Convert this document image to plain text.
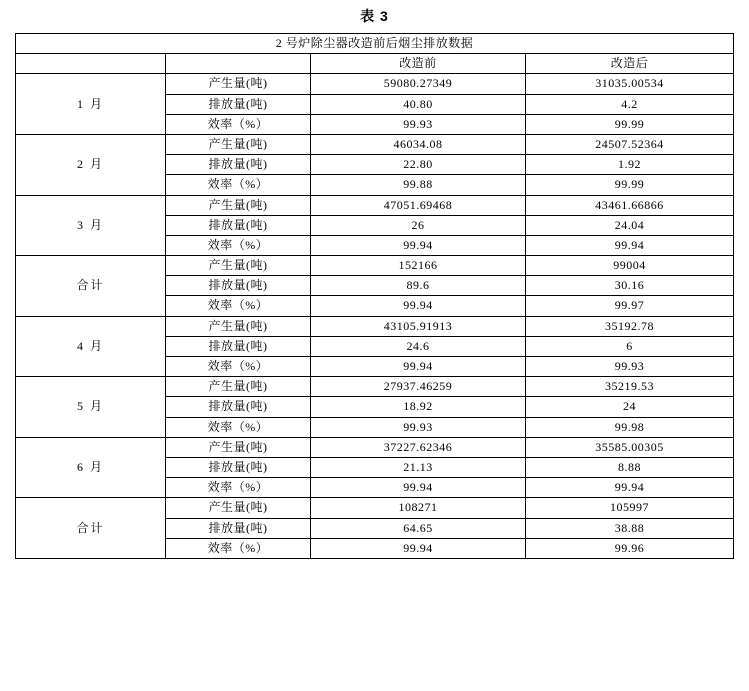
表 3
2 号炉除尘器改造前后烟尘排放数据			
		改造前	改造后
1 月	产生量(吨)	59080.27349	31035.00534
	排放量(吨)	40.80	4.2
	效率（%）	99.93	99.99
2 月	产生量(吨)	46034.08	24507.52364
	排放量(吨)	22.80	1.92
	效率（%）	99.88	99.99
3 月	产生量(吨)	47051.69468	43461.66866
	排放量(吨)	26	24.04
	效率（%）	99.94	99.94
合计	产生量(吨)	152166	99004
	排放量(吨)	89.6	30.16
	效率（%）	99.94	99.97
4 月	产生量(吨)	43105.91913	35192.78
	排放量(吨)	24.6	6
	效率（%）	99.94	99.93
5 月	产生量(吨)	27937.46259	35219.53
	排放量(吨)	18.92	24
	效率（%）	99.93	99.98
6 月	产生量(吨)	37227.62346	35585.00305
	排放量(吨)	21.13	8.88
	效率（%）	99.94	99.94
合计	产生量(吨)	108271	105997
	排放量(吨)	64.65	38.88
	效率（%）	99.94	99.96
